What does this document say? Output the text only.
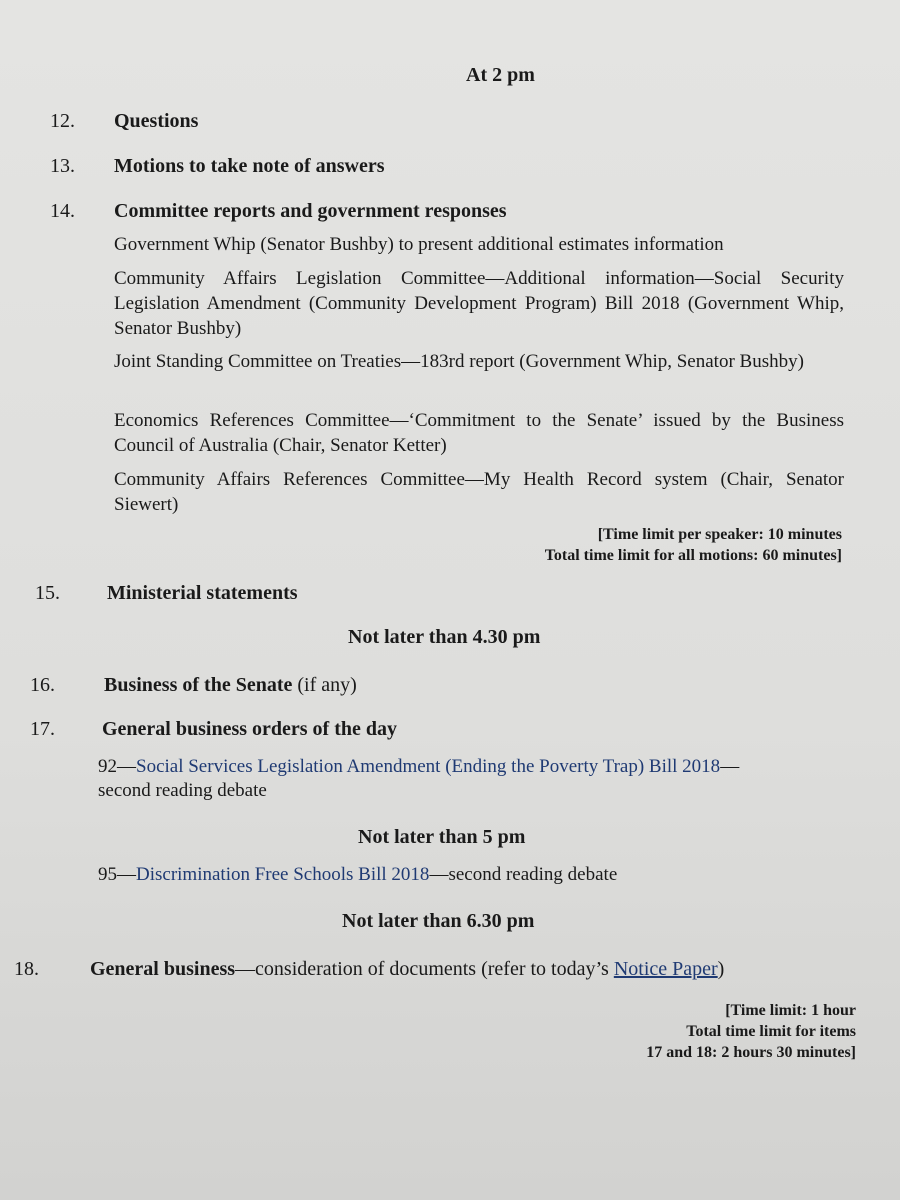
At 2 pm
12. Questions
13. Motions to take note of answers
14. Committee reports and government responses
Government Whip (Senator Bushby) to present additional estimates information
Community Affairs Legislation Committee—Additional information—Social Security Legislation Amendment (Community Development Program) Bill 2018 (Government Whip, Senator Bushby)
Joint Standing Committee on Treaties—183rd report (Government Whip, Senator Bushby)
Economics References Committee—‘Commitment to the Senate’ issued by the Business Council of Australia (Chair, Senator Ketter)
Community Affairs References Committee—My Health Record system (Chair, Senator Siewert)
[Time limit per speaker: 10 minutes
Total time limit for all motions: 60 minutes]
15. Ministerial statements
Not later than 4.30 pm
16. Business of the Senate (if any)
17. General business orders of the day
92—Social Services Legislation Amendment (Ending the Poverty Trap) Bill 2018—
second reading debate
Not later than 5 pm
95—Discrimination Free Schools Bill 2018—second reading debate
Not later than 6.30 pm
18.	General business—consideration of documents (refer to today’s Notice Paper)
[Time limit: 1 hour
Total time limit for items
17 and 18: 2 hours 30 minutes]
